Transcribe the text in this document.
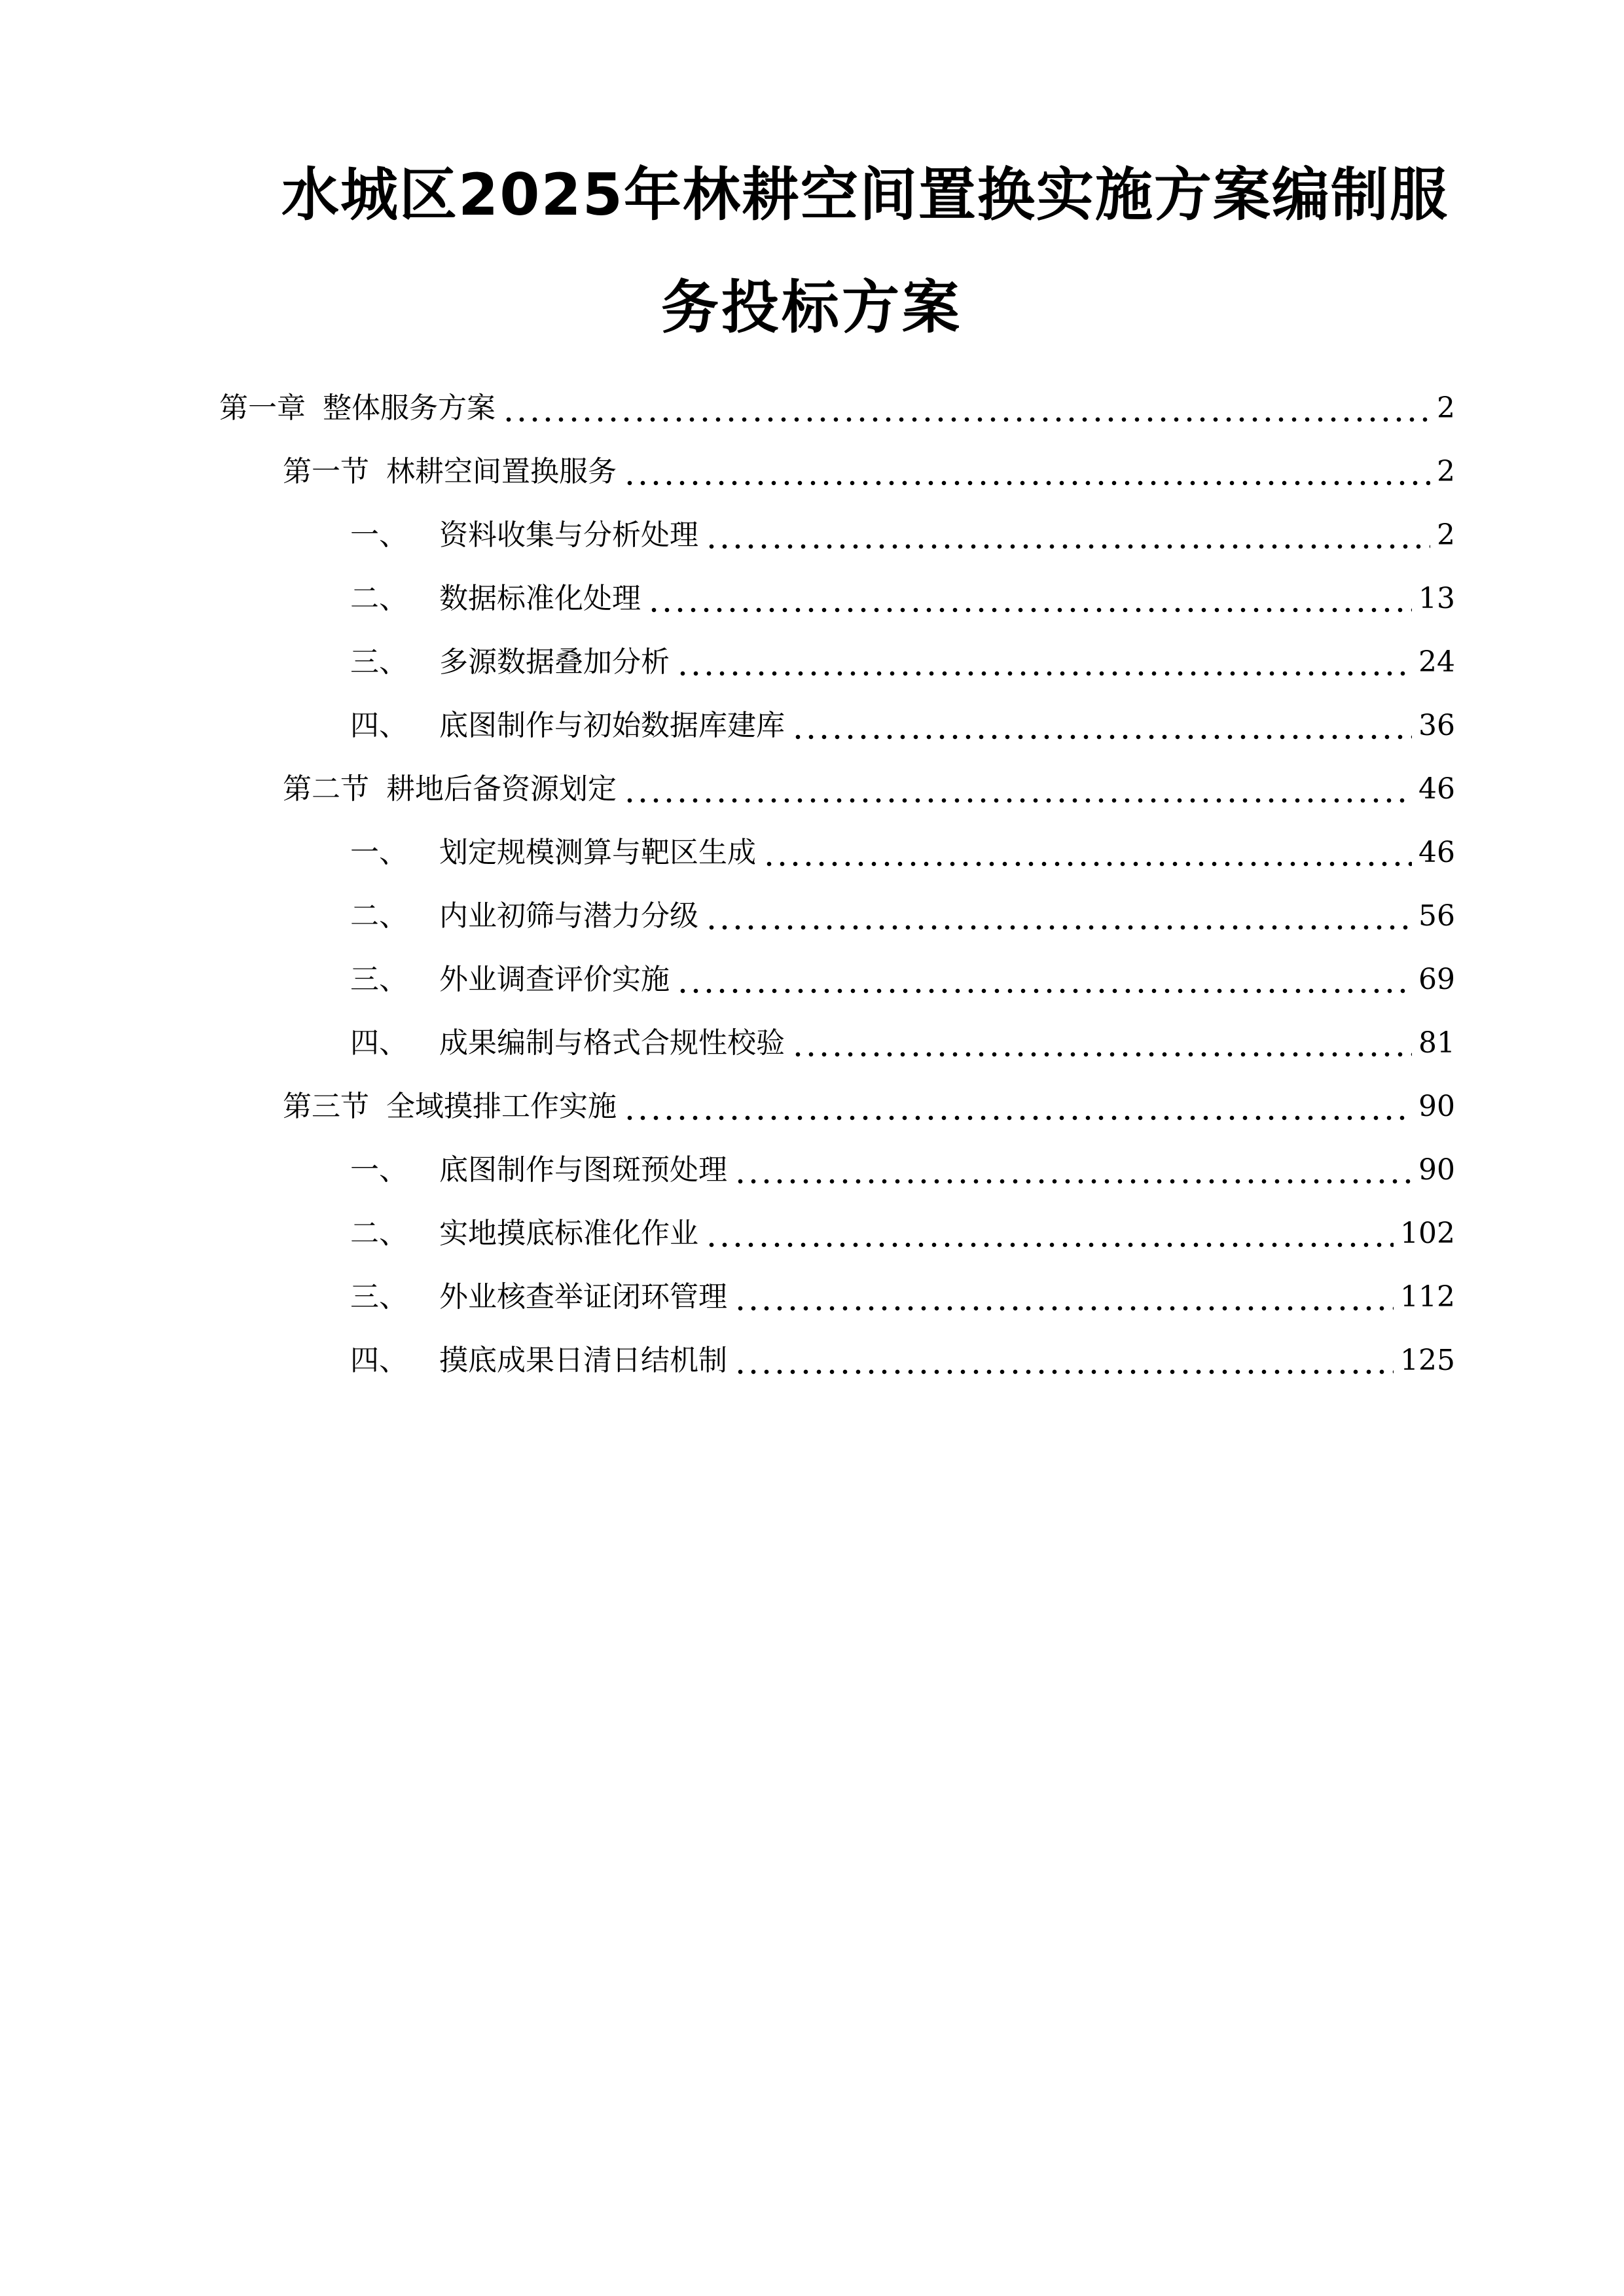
水城区2025年林耕空间置换实施方案编制服
务投标方案
第一章 整体服务方案	2
第一节 林耕空间置换服务	2
一、 资料收集与分析处理	2
二、 数据标准化处理	13
三、 多源数据叠加分析	24
四、 底图制作与初始数据库建库	36
第二节 耕地后备资源划定	46
一、 划定规模测算与靶区生成	46
二、 内业初筛与潜力分级	56
三、 外业调查评价实施	69
四、 成果编制与格式合规性校验	81
第三节 全域摸排工作实施	90
一、 底图制作与图斑预处理	90
二、 实地摸底标准化作业	102
三、 外业核查举证闭环管理	112
四、 摸底成果日清日结机制	125
